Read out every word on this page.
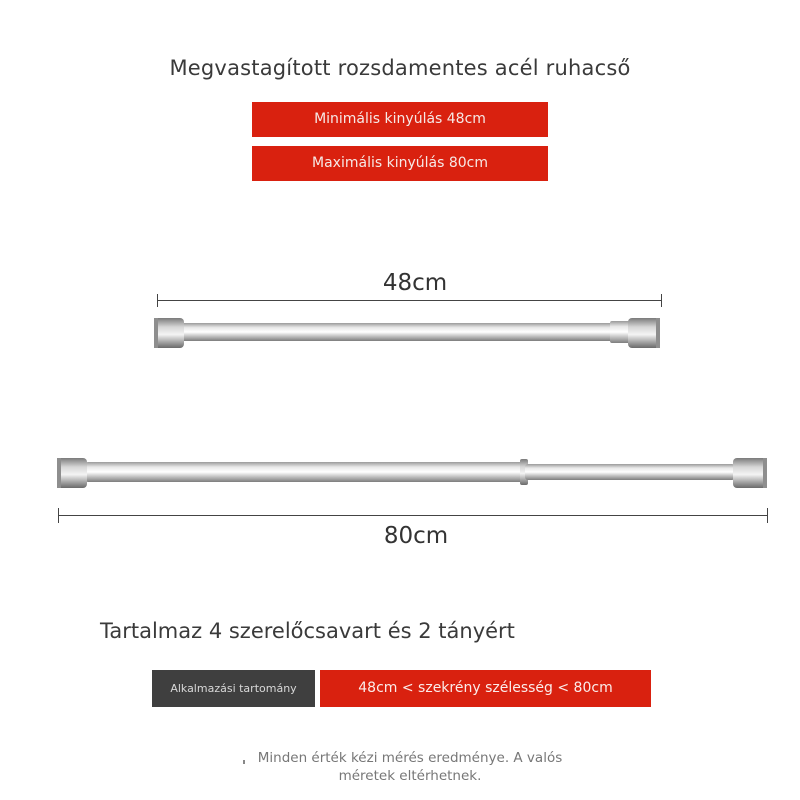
Megvastagított rozsdamentes acél ruhacső
Minimális kinyúlás 48cm
Maximális kinyúlás 80cm
48cm
80cm
Tartalmaz 4 szerelőcsavart és 2 tányért
Alkalmazási tartomány	48cm < szekrény szélesség < 80cm
Minden érték kézi mérés eredménye. A valós méretek eltérhetnek.
